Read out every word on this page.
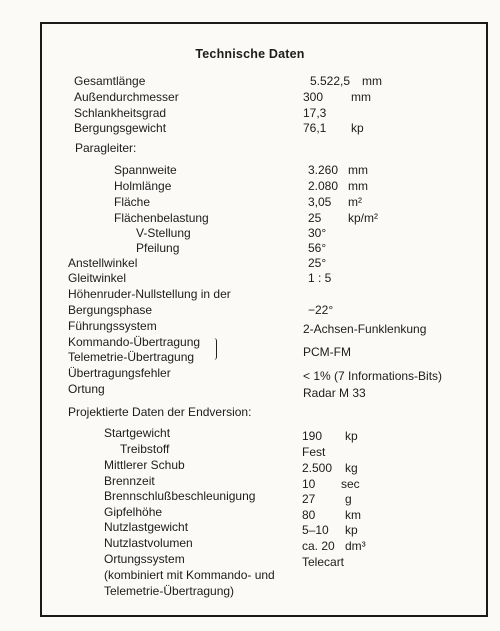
Technische Daten
Gesamtlänge	5.522,5 mm
Außendurchmesser	300 mm
Schlankheitsgrad	17,3
Bergungsgewicht	76,1 kp
Paragleiter:
Spannweite	3.260 mm
Holmlänge	2.080 mm
Fläche	3,05 m²
Flächenbelastung	25 kp/m²
V-Stellung	30°
Pfeilung	56°
Anstellwinkel	25°
Gleitwinkel	1 : 5
Höhenruder-Nullstellung in der
Bergungsphase	−22°
Führungssystem	2-Achsen-Funklenkung
Kommando-Übertragung
Telemetrie-Übertragung	PCM-FM
Übertragungsfehler	< 1% (7 Informations-Bits)
Ortung	Radar M 33
Projektierte Daten der Endversion:
Startgewicht	190 kp
Treibstoff	Fest
Mittlerer Schub	2.500 kg
Brennzeit	10 sec
Brennschlußbeschleunigung	27 g
Gipfelhöhe	80 km
Nutzlastgewicht	5–10 kp
Nutzlastvolumen	ca. 20 dm³
Ortungssystem	Telecart
(kombiniert mit Kommando- und
Telemetrie-Übertragung)
